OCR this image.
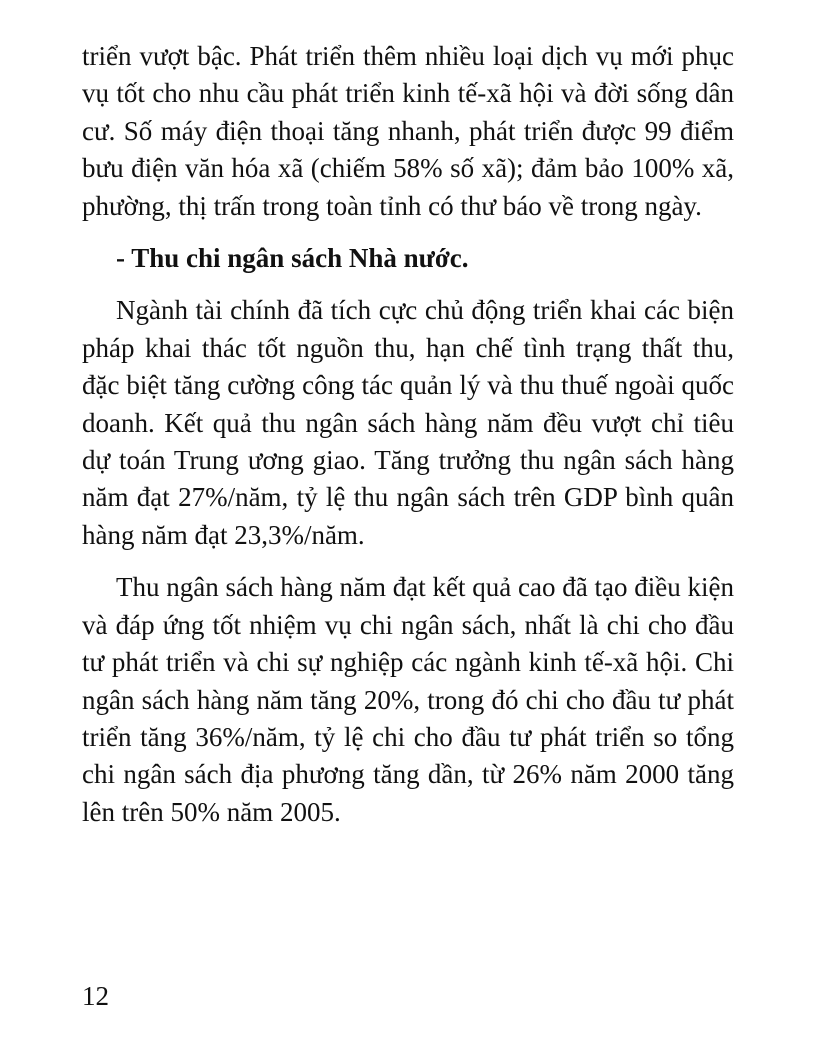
triển vượt bậc. Phát triển thêm nhiều loại dịch vụ mới phục vụ tốt cho nhu cầu phát triển kinh tế-xã hội và đời sống dân cư. Số máy điện thoại tăng nhanh, phát triển được 99 điểm bưu điện văn hóa xã (chiếm 58% số xã); đảm bảo 100% xã, phường, thị trấn trong toàn tỉnh có thư báo về trong ngày.

- Thu chi ngân sách Nhà nước.

Ngành tài chính đã tích cực chủ động triển khai các biện pháp khai thác tốt nguồn thu, hạn chế tình trạng thất thu, đặc biệt tăng cường công tác quản lý và thu thuế ngoài quốc doanh. Kết quả thu ngân sách hàng năm đều vượt chỉ tiêu dự toán Trung ương giao. Tăng trưởng thu ngân sách hàng năm đạt 27%/năm, tỷ lệ thu ngân sách trên GDP bình quân hàng năm đạt 23,3%/năm.

Thu ngân sách hàng năm đạt kết quả cao đã tạo điều kiện và đáp ứng tốt nhiệm vụ chi ngân sách, nhất là chi cho đầu tư phát triển và chi sự nghiệp các ngành kinh tế-xã hội. Chi ngân sách hàng năm tăng 20%, trong đó chi cho đầu tư phát triển tăng 36%/năm, tỷ lệ chi cho đầu tư phát triển so tổng chi ngân sách địa phương tăng dần, từ 26% năm 2000 tăng lên trên 50% năm 2005.

12
